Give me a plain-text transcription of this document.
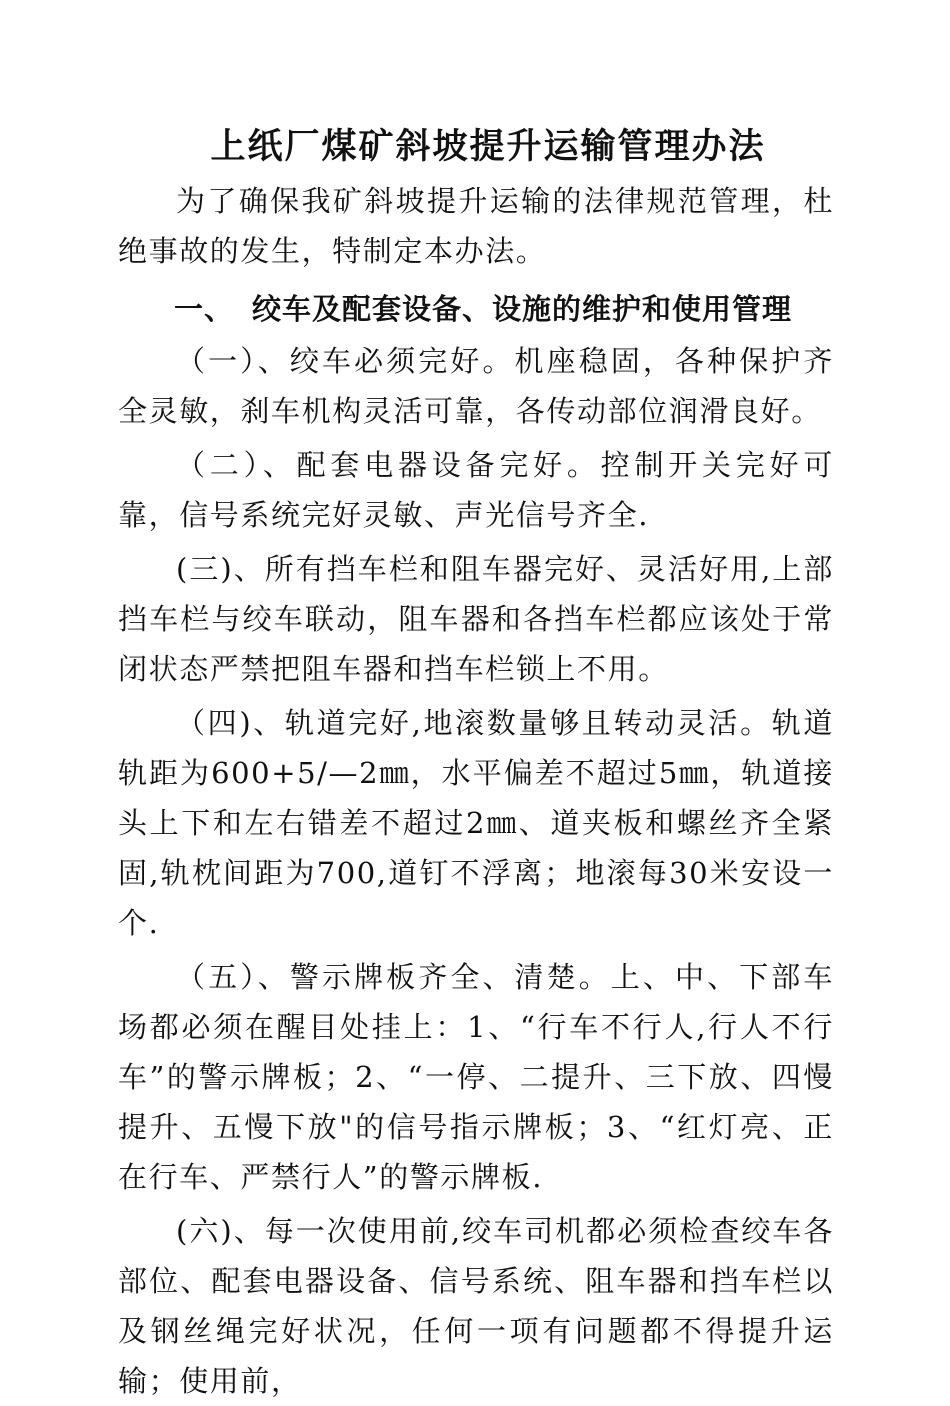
上纸厂煤矿斜坡提升运输管理办法

为了确保我矿斜坡提升运输的法律规范管理，杜绝事故的发生，特制定本办法。

一、 绞车及配套设备、设施的维护和使用管理

（一）、绞车必须完好。机座稳固，各种保护齐全灵敏，刹车机构灵活可靠，各传动部位润滑良好。

（二）、配套电器设备完好。控制开关完好可靠，信号系统完好灵敏、声光信号齐全.

(三)、所有挡车栏和阻车器完好、灵活好用,上部挡车栏与绞车联动，阻车器和各挡车栏都应该处于常闭状态严禁把阻车器和挡车栏锁上不用。

（四)、轨道完好,地滚数量够且转动灵活。轨道轨距为600+5/—2㎜，水平偏差不超过5㎜，轨道接头上下和左右错差不超过2㎜、道夹板和螺丝齐全紧固,轨枕间距为700,道钉不浮离；地滚每30米安设一个.

（五）、警示牌板齐全、清楚。上、中、下部车场都必须在醒目处挂上：1、“行车不行人,行人不行车”的警示牌板；2、“一停、二提升、三下放、四慢提升、五慢下放"的信号指示牌板；3、“红灯亮、正在行车、严禁行人”的警示牌板.

(六)、每一次使用前,绞车司机都必须检查绞车各部位、配套电器设备、信号系统、阻车器和挡车栏以及钢丝绳完好状况，任何一项有问题都不得提升运输；使用前，
